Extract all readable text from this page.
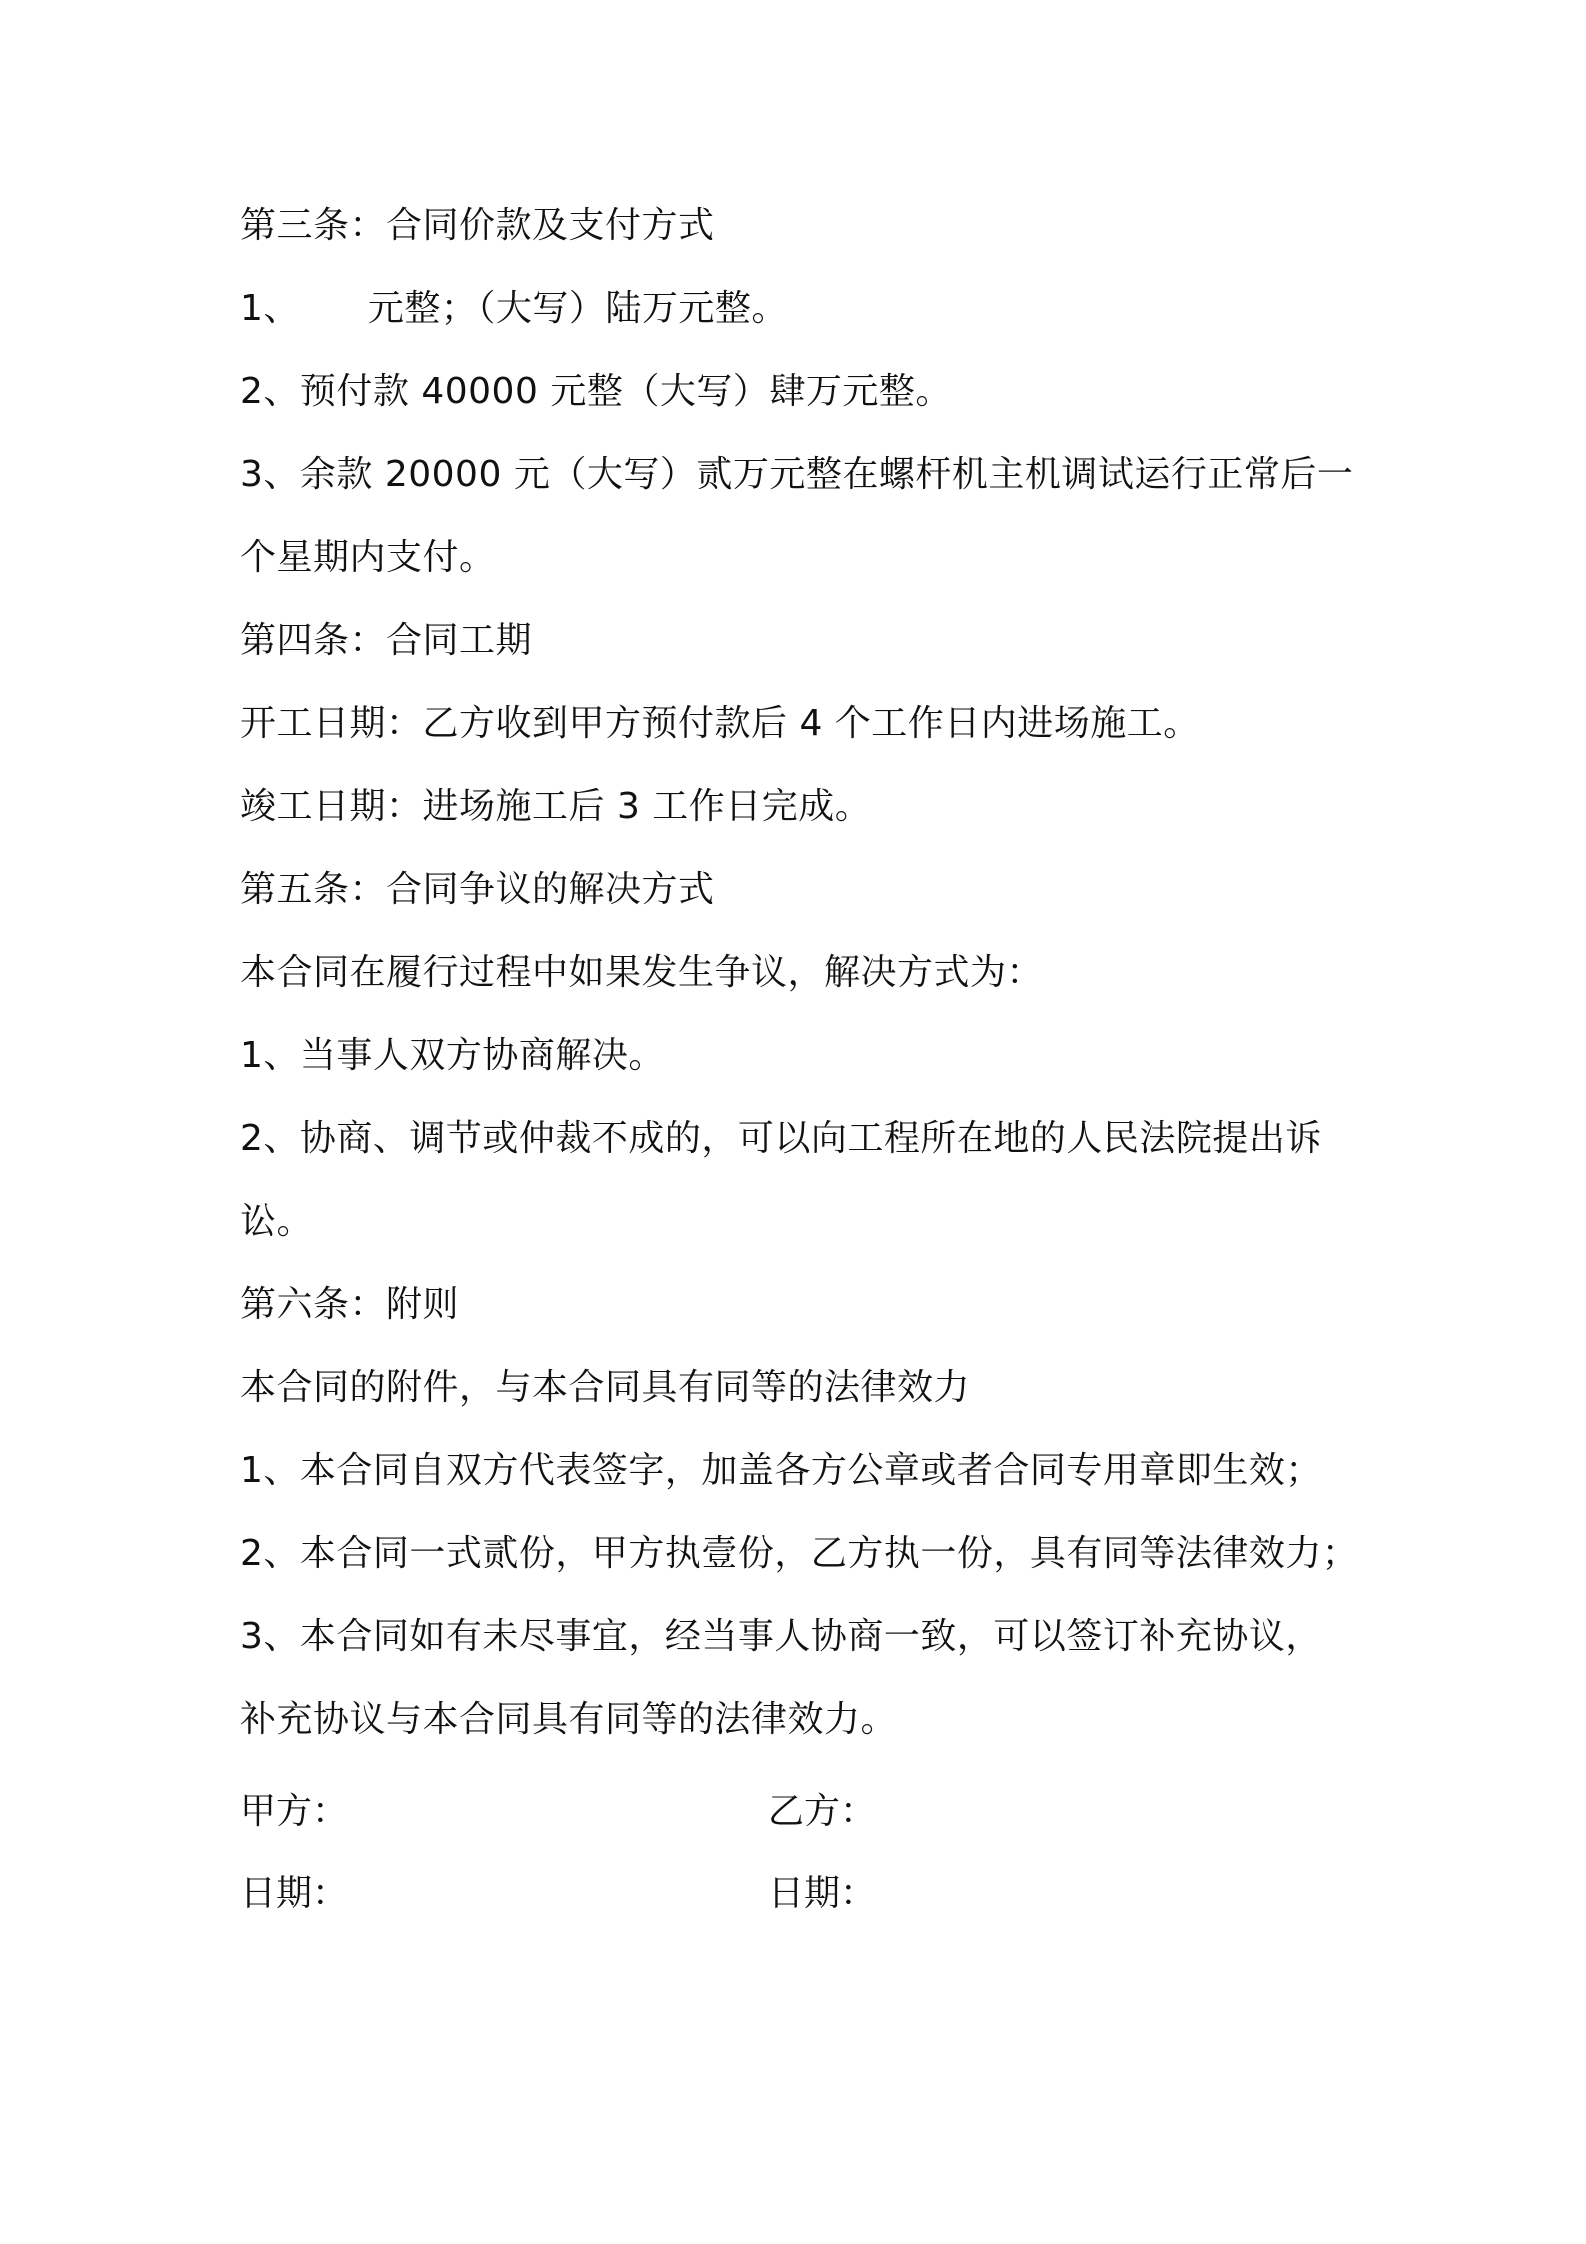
第三条：合同价款及支付方式
1、 元整；（大写）陆万元整。
2、预付款 40000 元整（大写）肆万元整。
3、余款 20000 元（大写）贰万元整在螺杆机主机调试运行正常后一
个星期内支付。
第四条：合同工期
开工日期：乙方收到甲方预付款后 4 个工作日内进场施工。
竣工日期：进场施工后 3 工作日完成。
第五条：合同争议的解决方式
本合同在履行过程中如果发生争议，解决方式为：
1、当事人双方协商解决。
2、协商、调节或仲裁不成的，可以向工程所在地的人民法院提出诉
讼。
第六条：附则
本合同的附件，与本合同具有同等的法律效力
1、本合同自双方代表签字，加盖各方公章或者合同专用章即生效；
2、本合同一式贰份，甲方执壹份，乙方执一份，具有同等法律效力；
3、本合同如有未尽事宜，经当事人协商一致，可以签订补充协议，
补充协议与本合同具有同等的法律效力。
甲方：	乙方：
日期：	日期：
